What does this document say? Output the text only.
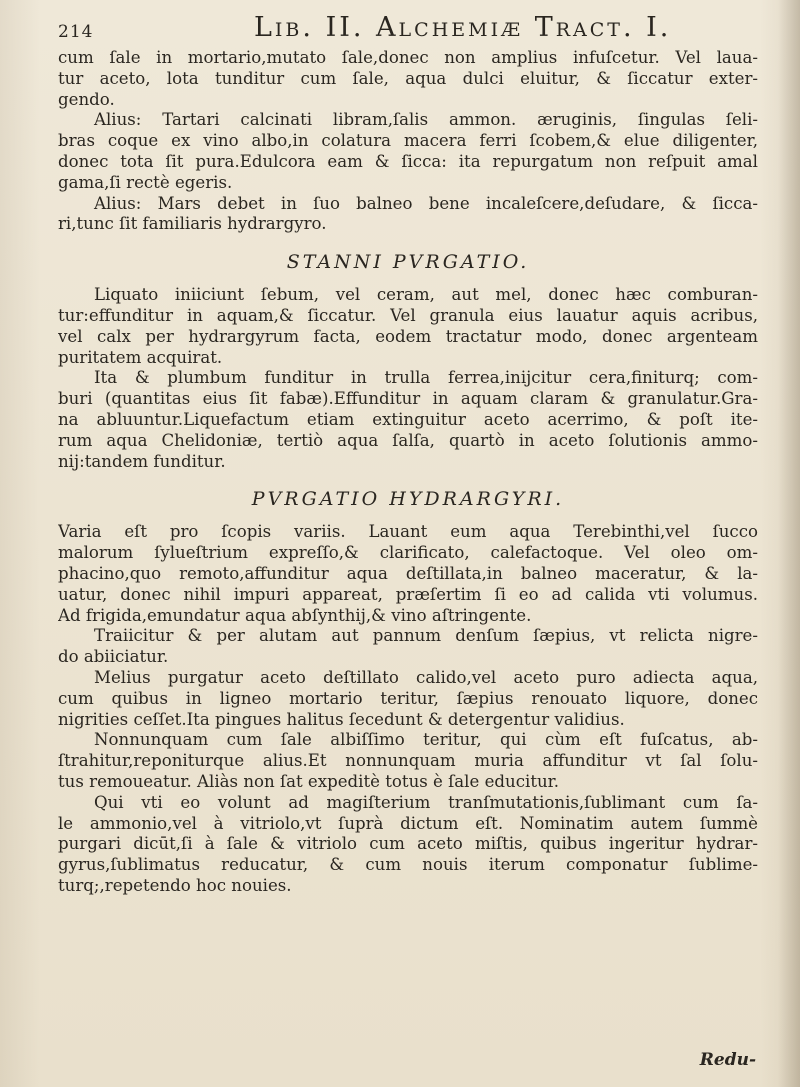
214	Lib. II. Alchemiæ Tract. I.
cum ſale in mortario,mutato ſale,donec non amplius infuſcetur. Vel laua-
tur aceto, lota tunditur cum ſale, aqua dulci eluitur, & ſiccatur exter-
gendo.
Alius: Tartari calcinati libram,ſalis ammon. æruginis, ſingulas ſeli-
bras coque ex vino albo,in colatura macera ferri ſcobem,& elue diligenter,
donec tota ſit pura.Edulcora eam & ſicca: ita repurgatum non reſpuit amal
gama,ſi rectè egeris.
Alius: Mars debet in ſuo balneo bene incaleſcere,deſudare, & ſicca-
ri,tunc ſit familiaris hydrargyro.
STANNI PVRGATIO.
Liquato iniiciunt ſebum, vel ceram, aut mel, donec hæc comburan-
tur:effunditur in aquam,& ſiccatur. Vel granula eius lauatur aquis acribus,
vel calx per hydrargyrum facta, eodem tractatur modo, donec argenteam
puritatem acquirat.
Ita & plumbum funditur in trulla ferrea,inijcitur cera,finiturq; com-
buri (quantitas eius ſit fabæ).Effunditur in aquam claram & granulatur.Gra-
na abluuntur.Liquefactum etiam extinguitur aceto acerrimo, & poſt ite-
rum aqua Chelidoniæ, tertiò aqua ſalſa, quartò in aceto ſolutionis ammo-
nij:tandem funditur.
PVRGATIO HYDRARGYRI.
Varia eſt pro ſcopis variis. Lauant eum aqua Terebinthi,vel ſucco
malorum ſylueſtrium expreſſo,& clarificato, calefactoque. Vel oleo om-
phacino,quo remoto,affunditur aqua deſtillata,in balneo maceratur, & la-
uatur, donec nihil impuri appareat, præſertim ſi eo ad calida vti volumus.
Ad frigida,emundatur aqua abſynthij,& vino aſtringente.
Traiicitur & per alutam aut pannum denſum ſæpius, vt relicta nigre-
do abiiciatur.
Melius purgatur aceto deſtillato calido,vel aceto puro adiecta aqua,
cum quibus in ligneo mortario teritur, ſæpius renouato liquore, donec
nigrities ceſſet.Ita pingues halitus ſecedunt & detergentur validius.
Nonnunquam cum ſale albiſſimo teritur, qui cùm eſt fuſcatus, ab-
ſtrahitur,reponiturque alius.Et nonnunquam muria affunditur vt ſal ſolu-
tus remoueatur. Aliàs non ſat expeditè totus è ſale educitur.
Qui vti eo volunt ad magiſterium tranſmutationis,ſublimant cum ſa-
le ammonio,vel à vitriolo,vt ſuprà dictum eſt. Nominatim autem ſummè
purgari dicūt,ſi à ſale & vitriolo cum aceto miſtis, quibus ingeritur hydrar-
gyrus,ſublimatus reducatur, & cum nouis iterum componatur ſublime-
turq;,repetendo hoc nouies.
Redu-
